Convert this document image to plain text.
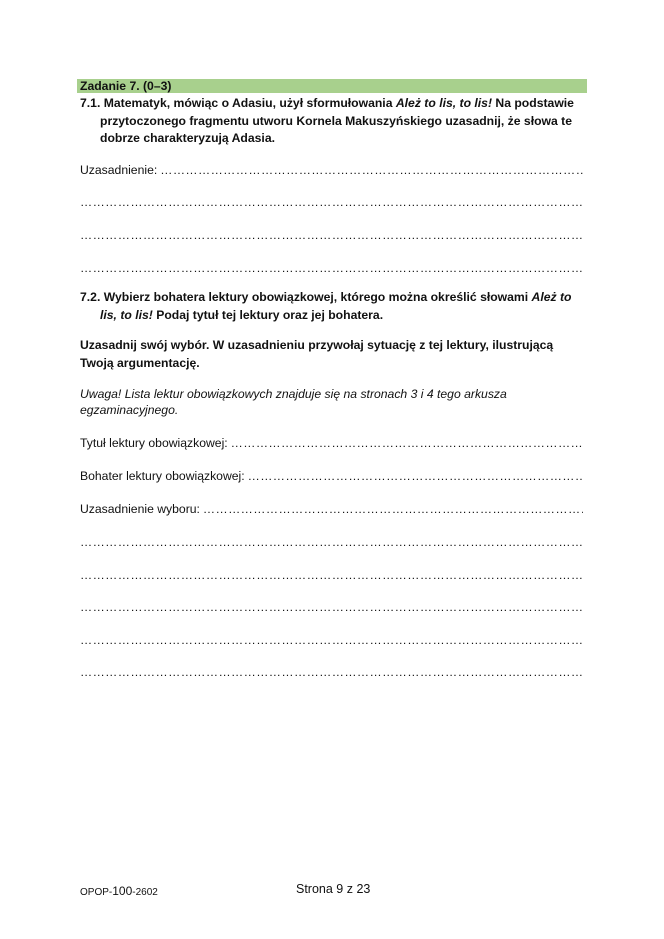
Zadanie 7. (0–3)
7.1. Matematyk, mówiąc o Adasiu, użył sformułowania Ależ to lis, to lis! Na podstawie przytoczonego fragmentu utworu Kornela Makuszyńskiego uzasadnij, że słowa te dobrze charakteryzują Adasia.
Uzasadnienie:
……………………………………………………………………………………………………………………………………………………………………………………
……………………………………………………………………………………………………………………………………………………………………………………
……………………………………………………………………………………………………………………………………………………………………………………
……………………………………………………………………………………………………………………………………………………………………………………
7.2. Wybierz bohatera lektury obowiązkowej, którego można określić słowami Ależ to lis, to lis! Podaj tytuł tej lektury oraz jej bohatera.
Uzasadnij swój wybór. W uzasadnieniu przywołaj sytuację z tej lektury, ilustrującą Twoją argumentację.
Uwaga! Lista lektur obowiązkowych znajduje się na stronach 3 i 4 tego arkusza egzaminacyjnego.
Tytuł lektury obowiązkowej:
……………………………………………………………………………………………………………………………………………………………………………………
Bohater lektury obowiązkowej:
……………………………………………………………………………………………………………………………………………………………………………………
Uzasadnienie wyboru:
……………………………………………………………………………………………………………………………………………………………………………………
……………………………………………………………………………………………………………………………………………………………………………………
……………………………………………………………………………………………………………………………………………………………………………………
……………………………………………………………………………………………………………………………………………………………………………………
……………………………………………………………………………………………………………………………………………………………………………………
……………………………………………………………………………………………………………………………………………………………………………………
OPOP-100-2602	Strona 9 z 23
